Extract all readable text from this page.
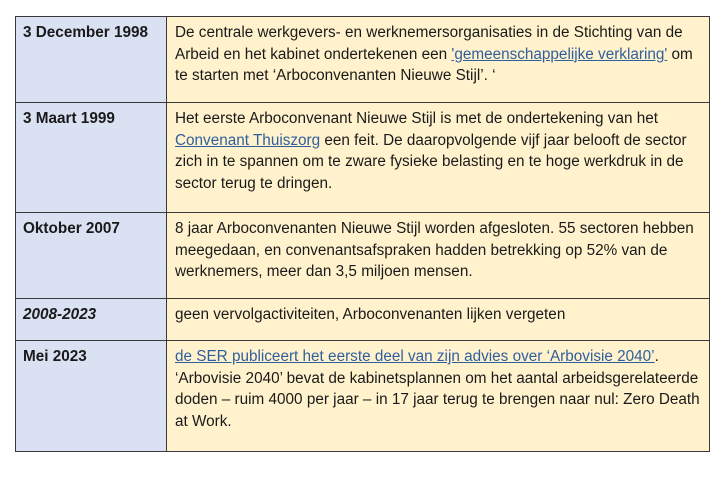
3 December 1998	De centrale werkgevers- en werknemersorganisaties in de Stichting van de Arbeid en het kabinet ondertekenen een 'gemeenschappelijke verklaring' om te starten met ‘Arboconvenanten Nieuwe Stijl’. ‘
3 Maart 1999	Het eerste Arboconvenant Nieuwe Stijl is met de ondertekening van het Convenant Thuiszorg een feit. De daaropvolgende vijf jaar belooft de sector zich in te spannen om te zware fysieke belasting en te hoge werkdruk in de sector terug te dringen.
Oktober 2007	8 jaar Arboconvenanten Nieuwe Stijl worden afgesloten. 55 sectoren hebben meegedaan, en convenantsafspraken hadden betrekking op 52% van de werknemers, meer dan 3,5 miljoen mensen.
2008-2023	geen vervolgactiviteiten, Arboconvenanten lijken vergeten
Mei 2023	de SER publiceert het eerste deel van zijn advies over ‘Arbovisie 2040’. ‘Arbovisie 2040’ bevat de kabinetsplannen om het aantal arbeidsgerelateerde doden – ruim 4000 per jaar – in 17 jaar terug te brengen naar nul: Zero Death at Work.
